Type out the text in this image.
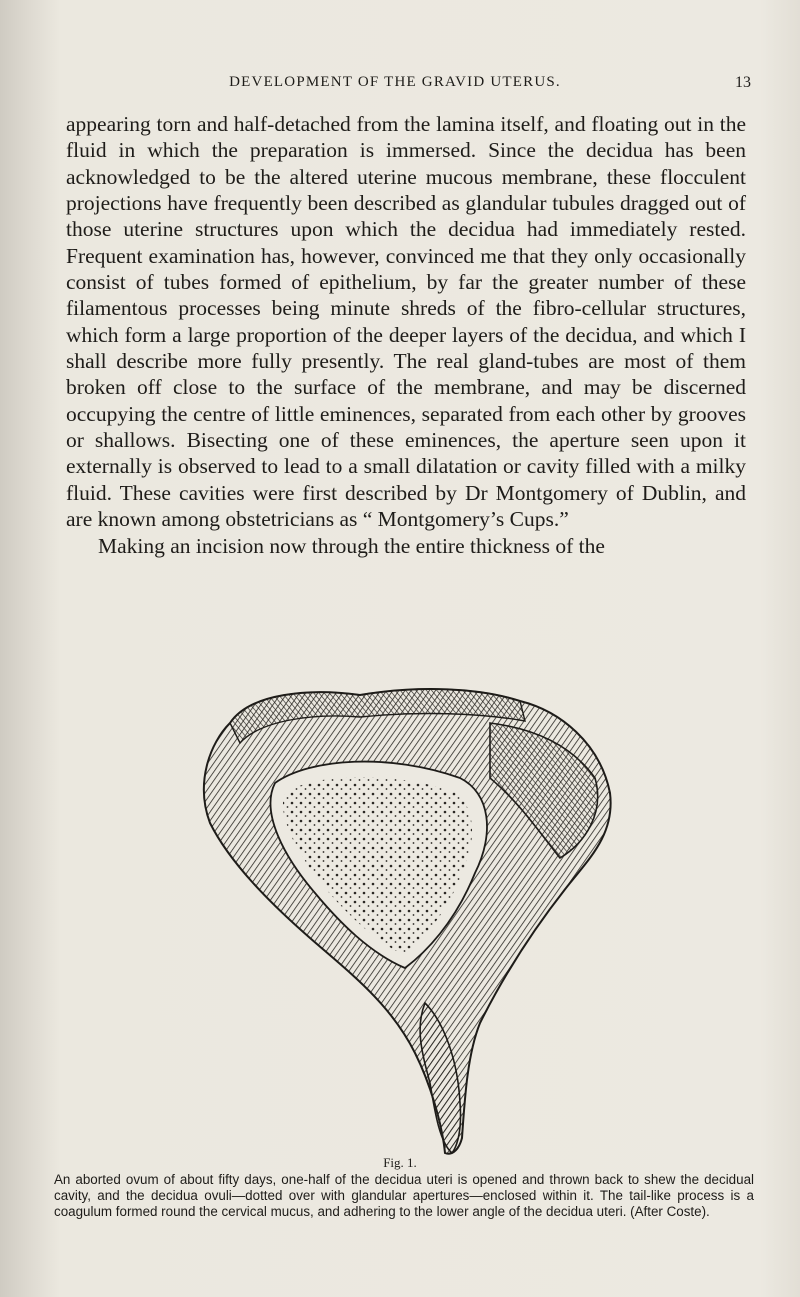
DEVELOPMENT OF THE GRAVID UTERUS.	13

appearing torn and half-detached from the lamina itself, and floating out in the fluid in which the preparation is immersed. Since the decidua has been acknowledged to be the altered uterine mucous membrane, these flocculent projections have frequently been described as glandular tubules dragged out of those uterine structures upon which the decidua had immediately rested. Frequent examination has, however, convinced me that they only occasionally consist of tubes formed of epithelium, by far the greater number of these filamentous processes being minute shreds of the fibro-cellular structures, which form a large proportion of the deeper layers of the decidua, and which I shall describe more fully presently. The real gland-tubes are most of them broken off close to the surface of the membrane, and may be discerned occupying the centre of little eminences, separated from each other by grooves or shallows. Bisecting one of these eminences, the aperture seen upon it externally is observed to lead to a small dilatation or cavity filled with a milky fluid. These cavities were first described by Dr Montgomery of Dublin, and are known among obstetricians as “ Montgomery’s Cups.”

Making an incision now through the entire thickness of the

Fig. 1.
An aborted ovum of about fifty days, one-half of the decidua uteri is opened and thrown back to shew the decidual cavity, and the decidua ovuli—dotted over with glandular apertures—enclosed within it. The tail-like process is a coagulum formed round the cervical mucus, and adhering to the lower angle of the decidua uteri. (After Coste).
